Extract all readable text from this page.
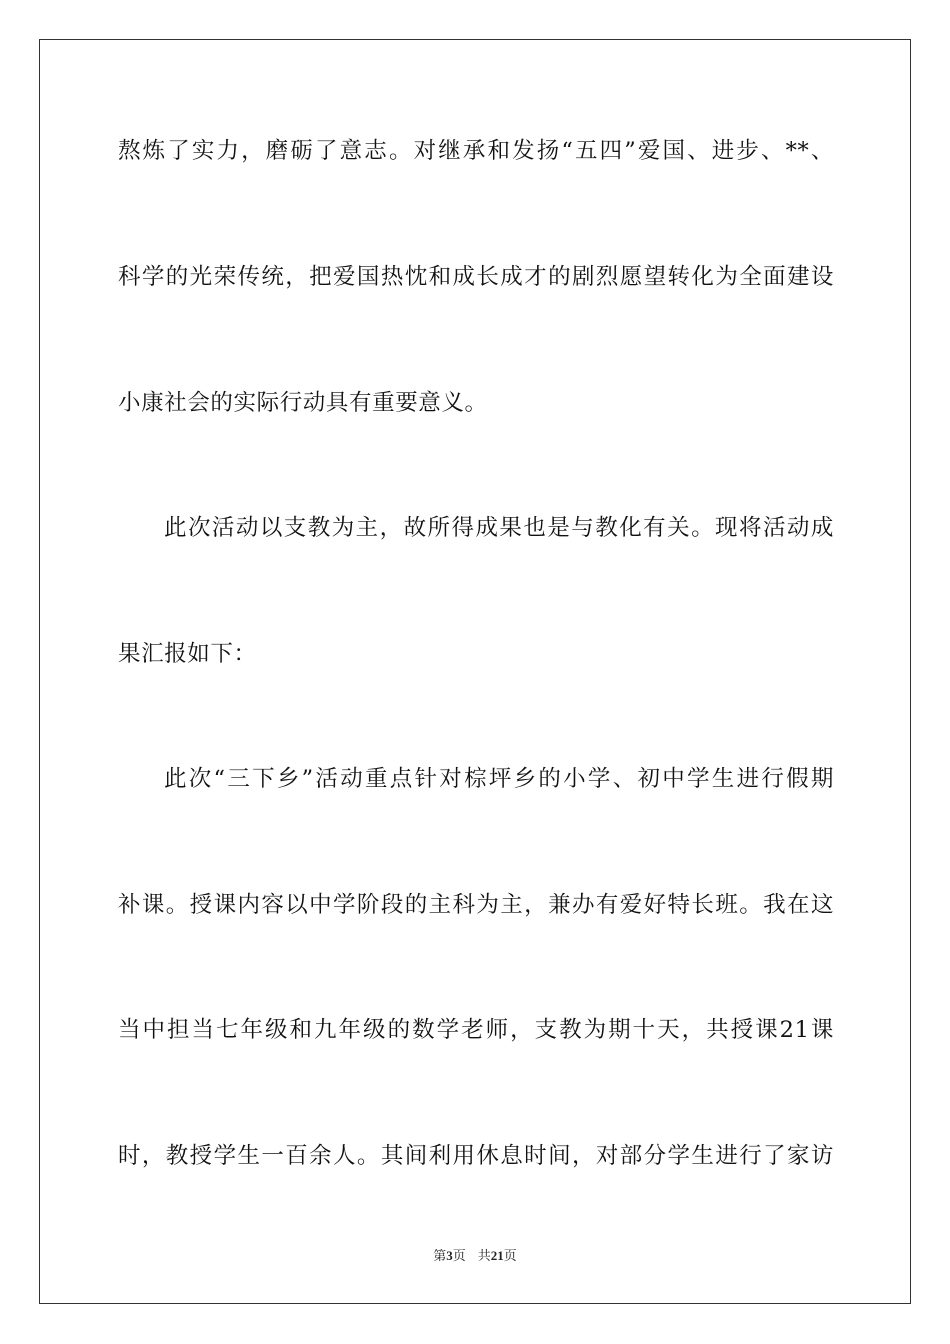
熬炼了实力，磨砺了意志。对继承和发扬“五四”爱国、进步、**、
科学的光荣传统，把爱国热忱和成长成才的剧烈愿望转化为全面建设
小康社会的实际行动具有重要意义。
此次活动以支教为主，故所得成果也是与教化有关。现将活动成
果汇报如下：
此次“三下乡”活动重点针对棕坪乡的小学、初中学生进行假期
补课。授课内容以中学阶段的主科为主，兼办有爱好特长班。我在这
当中担当七年级和九年级的数学老师，支教为期十天，共授课21课
时，教授学生一百余人。其间利用休息时间，对部分学生进行了家访
第3页 共21页
